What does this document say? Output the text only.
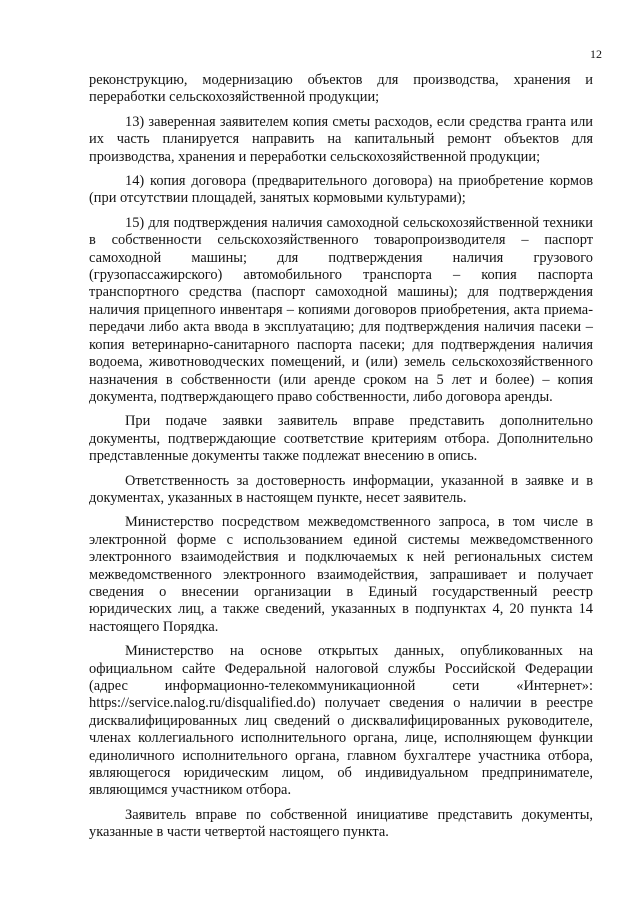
12

реконструкцию, модернизацию объектов для производства, хранения и переработки сельскохозяйственной продукции;

13) заверенная заявителем копия сметы расходов, если средства гранта или их часть планируется направить на капитальный ремонт объектов для производства, хранения и переработки сельскохозяйственной продукции;

14) копия договора (предварительного договора) на приобретение кормов (при отсутствии площадей, занятых кормовыми культурами);

15) для подтверждения наличия самоходной сельскохозяйственной техники в собственности сельскохозяйственного товаропроизводителя – паспорт самоходной машины; для подтверждения наличия грузового (грузопассажирского) автомобильного транспорта – копия паспорта транспортного средства (паспорт самоходной машины); для подтверждения наличия прицепного инвентаря – копиями договоров приобретения, акта приема-передачи либо акта ввода в эксплуатацию; для подтверждения наличия пасеки – копия ветеринарно-санитарного паспорта пасеки; для подтверждения наличия водоема, животноводческих помещений, и (или) земель сельскохозяйственного назначения в собственности (или аренде сроком на 5 лет и более) – копия документа, подтверждающего право собственности, либо договора аренды.

При подаче заявки заявитель вправе представить дополнительно документы, подтверждающие соответствие критериям отбора. Дополнительно представленные документы также подлежат внесению в опись.

Ответственность за достоверность информации, указанной в заявке и в документах, указанных в настоящем пункте, несет заявитель.

Министерство посредством межведомственного запроса, в том числе в электронной форме с использованием единой системы межведомственного электронного взаимодействия и подключаемых к ней региональных систем межведомственного электронного взаимодействия, запрашивает и получает сведения о внесении организации в Единый государственный реестр юридических лиц, а также сведений, указанных в подпунктах 4, 20 пункта 14 настоящего Порядка.

Министерство на основе открытых данных, опубликованных на официальном сайте Федеральной налоговой службы Российской Федерации (адрес информационно-телекоммуникационной сети «Интернет»: https://service.nalog.ru/disqualified.do) получает сведения о наличии в реестре дисквалифицированных лиц сведений о дисквалифицированных руководителе, членах коллегиального исполнительного органа, лице, исполняющем функции единоличного исполнительного органа, главном бухгалтере участника отбора, являющегося юридическим лицом, об индивидуальном предпринимателе, являющимся участником отбора.

Заявитель вправе по собственной инициативе представить документы, указанные в части четвертой настоящего пункта.
